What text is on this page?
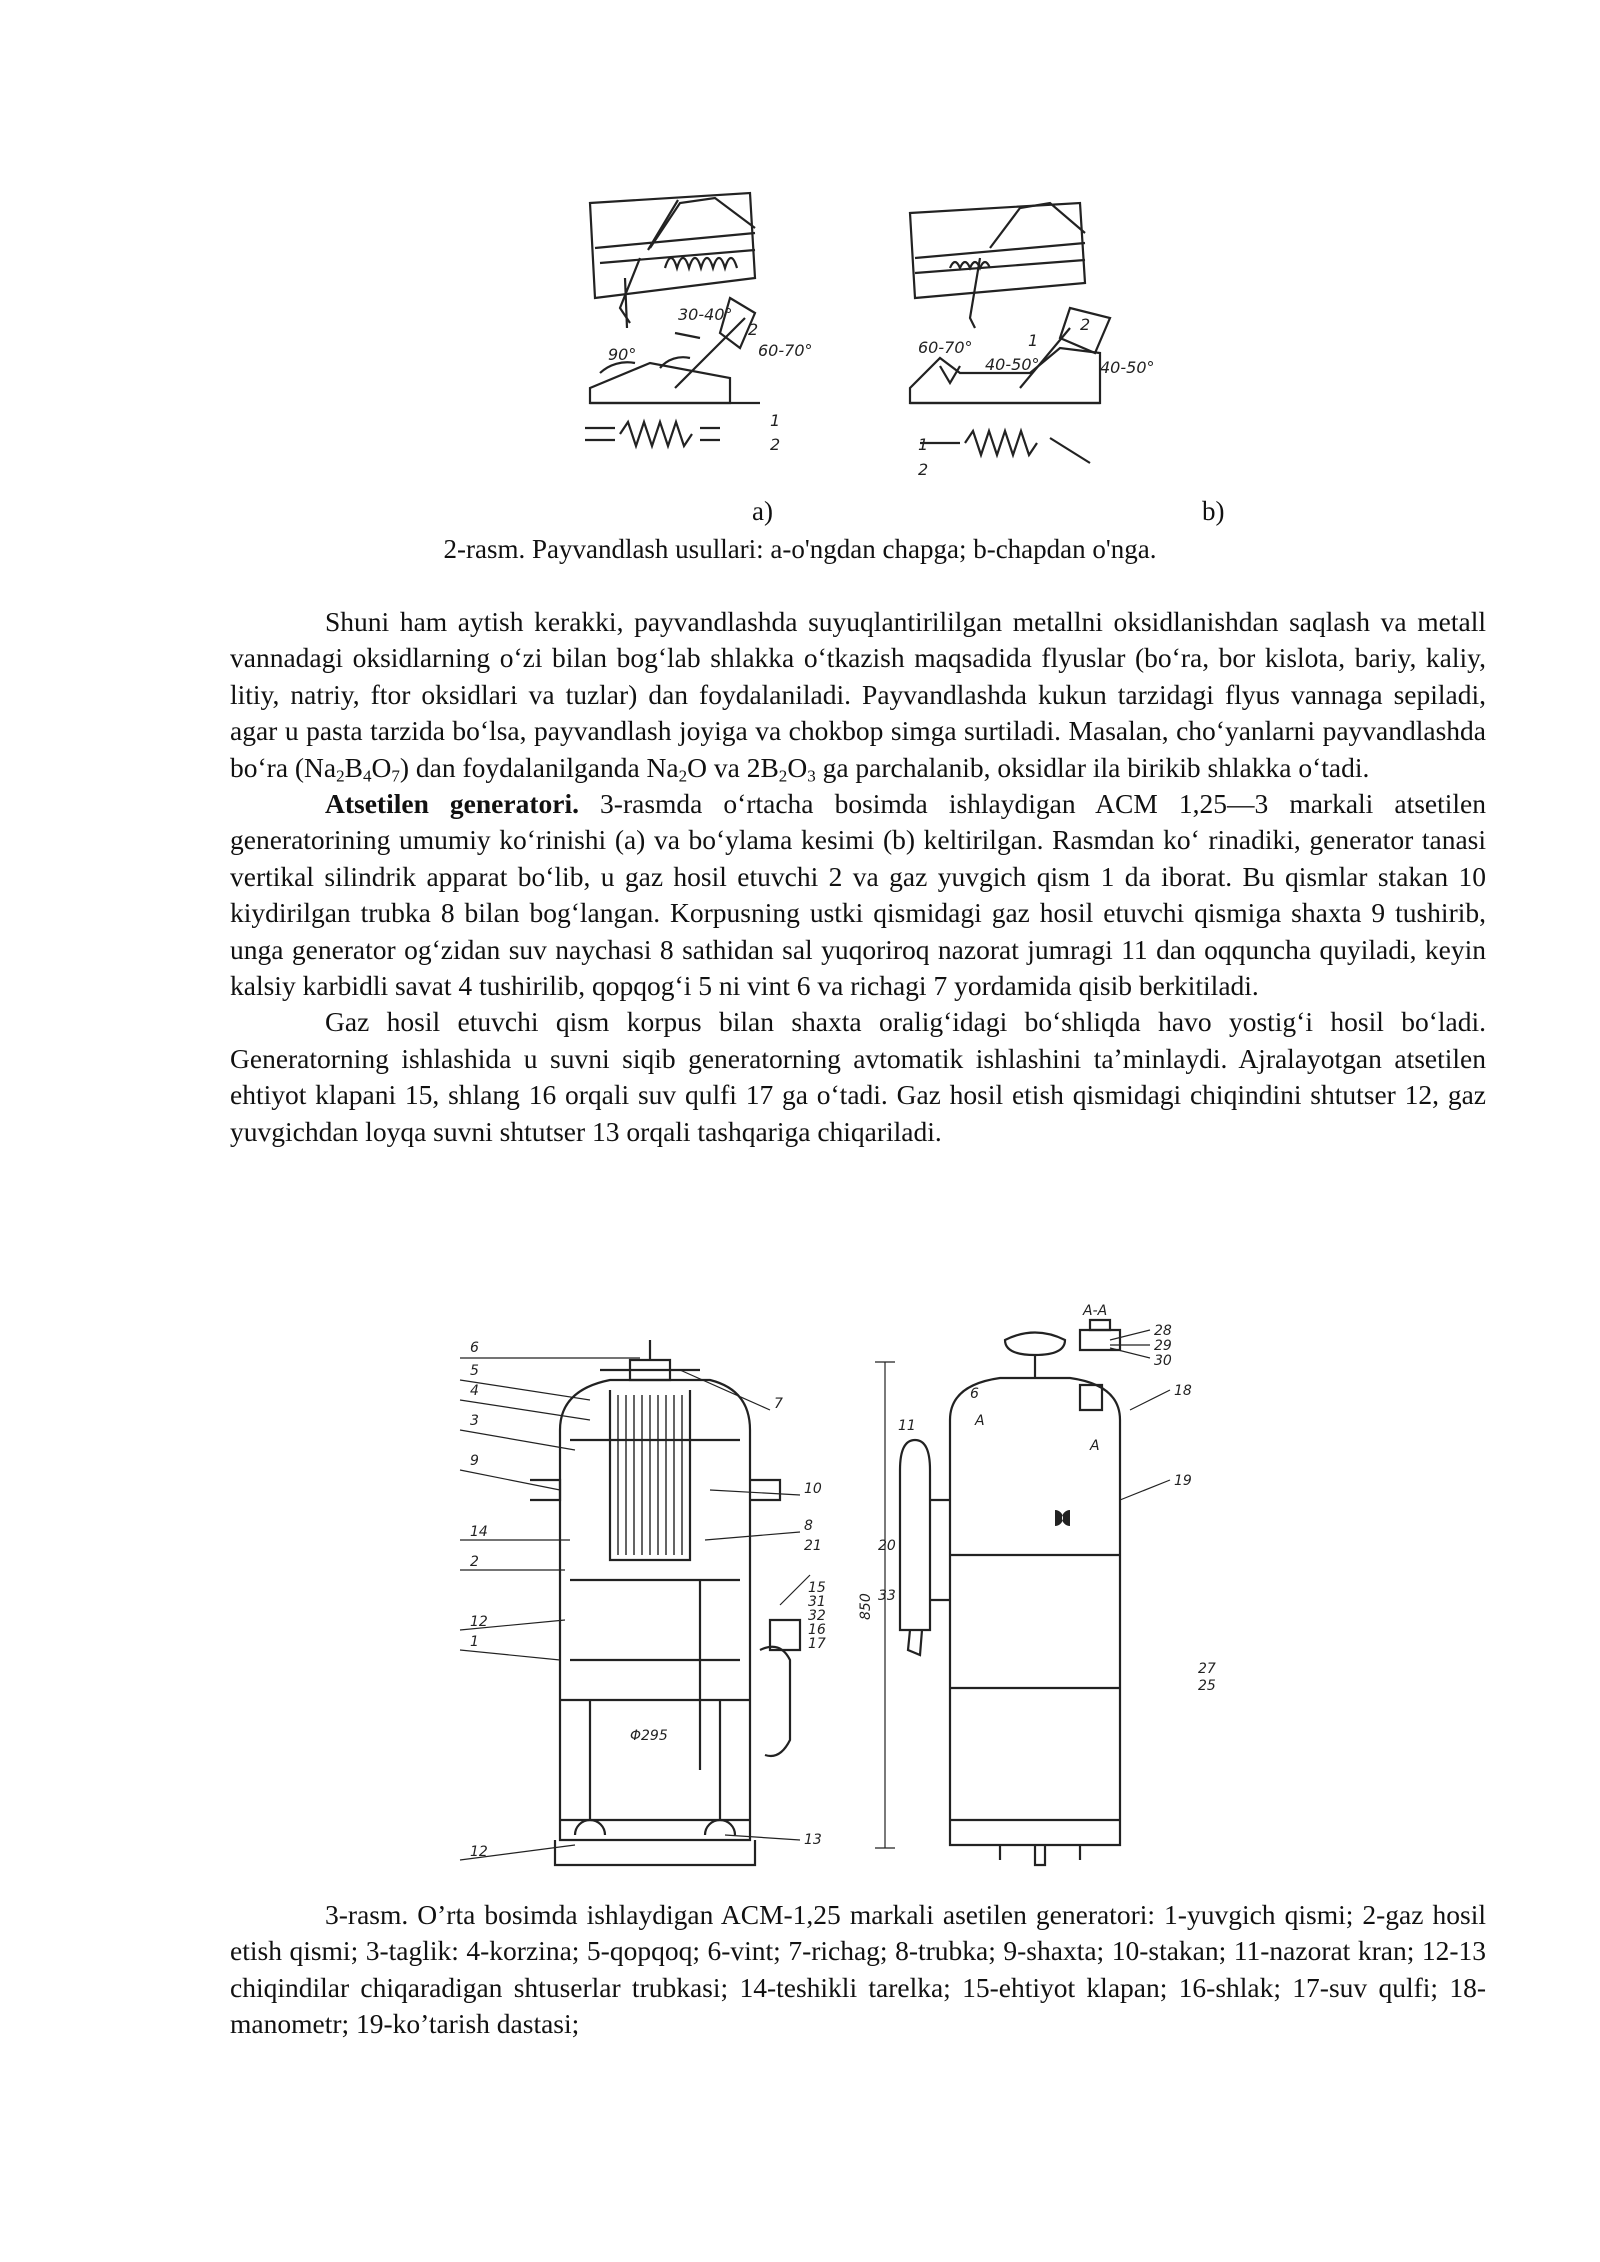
90°
30-40°
60-70°	60-70°
40-50°	40-50°
1
2
2
1
2
1
2
a)	b)
2-rasm. Payvandlash usullari: a-o'ngdan chapga; b-chapdan o'nga.

Shuni ham aytish kerakki, payvandlashda suyuqlantirililgan metallni oksidlanishdan saqlash va metall vannadagi oksidlarning oʻzi bilan bogʻlab shlakka oʻtkazish maqsadida flyuslar (boʻra, bor kislota, bariy, kaliy, litiy, natriy, ftor oksidlari va tuzlar) dan foydalaniladi. Payvandlashda kukun tarzidagi flyus vannaga sepiladi, agar u pasta tarzida boʻlsa, payvandlash joyiga va chokbop simga surtiladi. Masalan, choʻyanlarni payvandlashda boʻra $(Na_2B_4O_7)$ dan foydalanilganda $Na_2O$ va $2B_2O_3$ ga parchalanib, oksidlar ila birikib shlakka oʻtadi.

Atsetilen generatori. 3-rasmda oʻrtacha bosimda ishlaydigan ACM 1,25—3 markali atsetilen generatorining umumiy koʻrinishi (a) va boʻylama kesimi (b) keltirilgan. Rasmdan koʻ rinadiki, generator tanasi vertikal silindrik apparat boʻlib, u gaz hosil etuvchi 2 va gaz yuvgich qism 1 da iborat. Bu qismlar stakan 10 kiydirilgan trubka 8 bilan bogʻlangan. Korpusning ustki qismidagi gaz hosil etuvchi qismiga shaxta 9 tushirib, unga generator ogʻzidan suv naychasi 8 sathidan sal yuqoriroq nazorat jumragi 11 dan oqquncha quyiladi, keyin kalsiy karbidli savat 4 tushirilib, qopqogʻi 5 ni vint 6 va richagi 7 yordamida qisib berkitiladi.

Gaz hosil etuvchi qism korpus bilan shaxta oraligʻidagi boʻshliqda havo yostigʻi hosil boʻladi. Generatorning ishlashida u suvni siqib generatorning avtomatik ishlashini taʼminlaydi. Ajralayotgan atsetilen ehtiyot klapani 15, shlang 16 orqali suv qulfi 17 ga oʻtadi. Gaz hosil etish qismidagi chiqindini shtutser 12, gaz yuvgichdan loyqa suvni shtutser 13 orqali tashqariga chiqariladi.

6
5
4
3
9
14
2
12
1
12
7
10
8
21
15
31
32
16
17
13
Φ295
850
A-A
28
29
30
18
19
11
20
33
6
A
A
27
25

3-rasm. O’rta bosimda ishlaydigan ACM-1,25 markali asetilen generatori: 1-yuvgich qismi; 2-gaz hosil etish qismi; 3-taglik: 4-korzina; 5-qopqoq; 6-vint; 7-richag; 8-trubka; 9-shaxta; 10-stakan; 11-nazorat kran; 12-13 chiqindilar chiqaradigan shtuserlar trubkasi; 14-teshikli tarelka; 15-ehtiyot klapan; 16-shlak; 17-suv qulfi; 18-manometr; 19-ko’tarish dastasi;
